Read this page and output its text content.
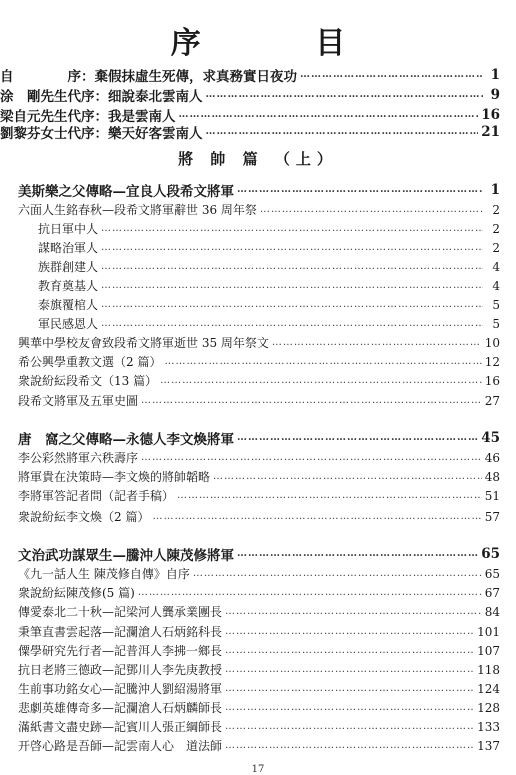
序 目
自　　　　序：棄假抹虛生死傳，求真務實日夜功 ……………………………………………………………………………………………………………………………………………………………………………	1
涂　剛先生代序：细說泰北雲南人 ……………………………………………………………………………………………………………………………………………………………………………	9
梁自元先生代序：我是雲南人 ……………………………………………………………………………………………………………………………………………………………………………	16
劉黎芬女士代序：樂天好客雲南人 ……………………………………………………………………………………………………………………………………………………………………………	21
將 帥 篇 （上）
美斯樂之父傳略—宜良人段希文將軍 ……………………………………………………………………………………………………………………………………………………………………………	1
六面人生銘春秋—段希文將軍辭世 36 周年祭 ……………………………………………………………………………………………………………………………………………………………………………	2
抗日軍中人 ……………………………………………………………………………………………………………………………………………………………………………	2
謀略治軍人 ……………………………………………………………………………………………………………………………………………………………………………	2
族群創建人 ……………………………………………………………………………………………………………………………………………………………………………	4
教育奠基人 ……………………………………………………………………………………………………………………………………………………………………………	4
泰旗覆棺人 ……………………………………………………………………………………………………………………………………………………………………………	5
軍民感恩人 ……………………………………………………………………………………………………………………………………………………………………………	5
興華中學校友會致段希文將軍逝世 35 周年祭文 ……………………………………………………………………………………………………………………………………………………………………………	10
希公興學重教文選（2 篇） ……………………………………………………………………………………………………………………………………………………………………………	12
衆說紛紜段希文（13 篇） ……………………………………………………………………………………………………………………………………………………………………………	16
段希文將軍及五軍史圖 ……………………………………………………………………………………………………………………………………………………………………………	27
唐　窩之父傳略—永德人李文煥將軍 ……………………………………………………………………………………………………………………………………………………………………………	45
李公彩然將軍六秩壽序 ……………………………………………………………………………………………………………………………………………………………………………	46
將軍貴在決策時—李文煥的將帥韜略 ……………………………………………………………………………………………………………………………………………………………………………	48
李將軍答記者問（記者手稿） ……………………………………………………………………………………………………………………………………………………………………………	51
衆說紛紜李文煥（2 篇） ……………………………………………………………………………………………………………………………………………………………………………	57
文治武功謀眾生—騰沖人陳茂修將軍 ……………………………………………………………………………………………………………………………………………………………………………	65
《九一話人生 陳茂修自傳》自序 ……………………………………………………………………………………………………………………………………………………………………………	65
衆說紛紜陳茂修(5 篇) ……………………………………………………………………………………………………………………………………………………………………………	67
傳愛泰北二十秋—記梁河人龔承業團長 ……………………………………………………………………………………………………………………………………………………………………………	84
秉筆直書雲起落—記瀾滄人石炳銘科長 ……………………………………………………………………………………………………………………………………………………………………………	101
僳學研究先行者—記普洱人李拂一鄉長 ……………………………………………………………………………………………………………………………………………………………………………	107
抗日老將三德政—記鄧川人李先庚教授 ……………………………………………………………………………………………………………………………………………………………………………	118
生前事功銘女心—記騰沖人劉紹湯將軍 ……………………………………………………………………………………………………………………………………………………………………………	124
悲劇英雄傳奇多—記瀾滄人石炳麟師長 ……………………………………………………………………………………………………………………………………………………………………………	128
滿紙書文盡史跡—記賓川人張正綱師長 ……………………………………………………………………………………………………………………………………………………………………………	133
开啓心路是吾師—記雲南人心　道法師 ……………………………………………………………………………………………………………………………………………………………………………	137
17
